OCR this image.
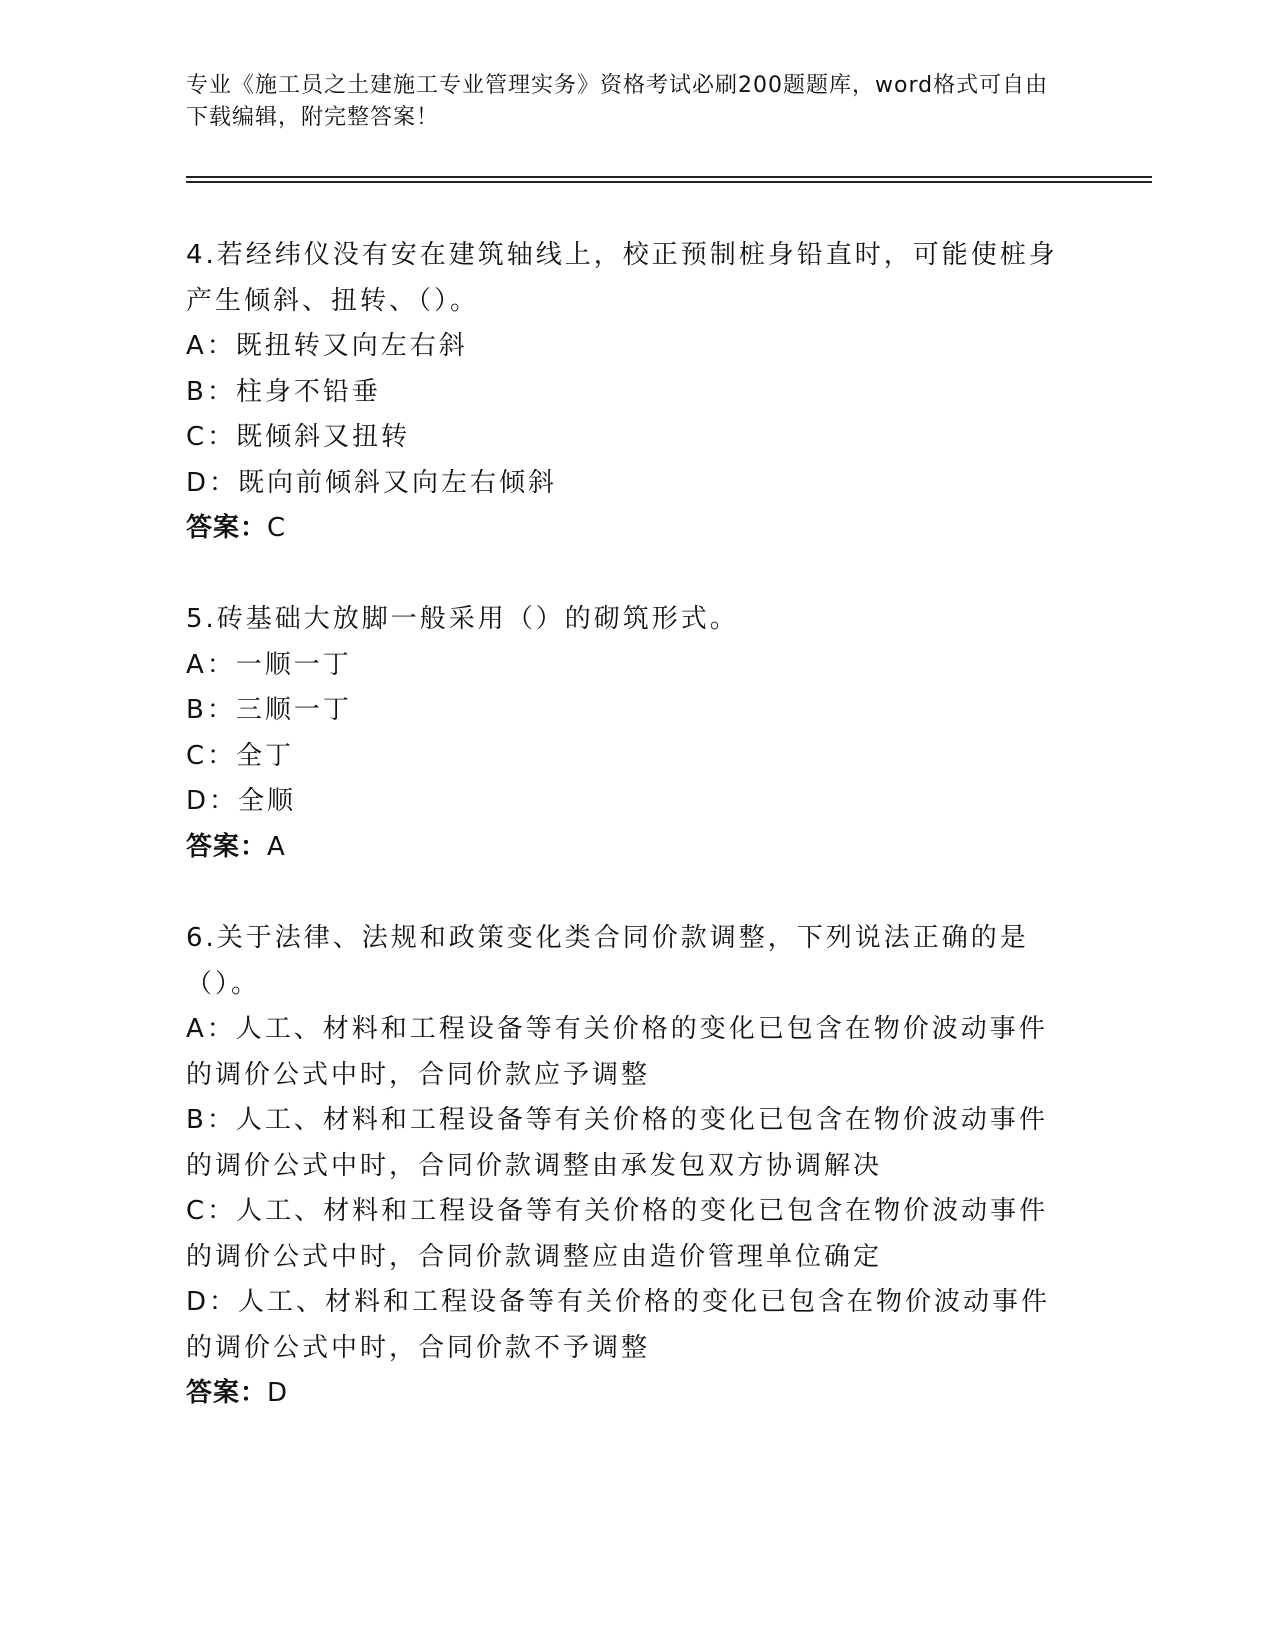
专业《施工员之土建施工专业管理实务》资格考试必刷200题题库，word格式可自由下载编辑，附完整答案！
4.若经纬仪没有安在建筑轴线上，校正预制桩身铅直时，可能使桩身产生倾斜、扭转、（）。
A：既扭转又向左右斜
B：柱身不铅垂
C：既倾斜又扭转
D：既向前倾斜又向左右倾斜
答案：C
5.砖基础大放脚一般采用（）的砌筑形式。
A：一顺一丁
B：三顺一丁
C：全丁
D：全顺
答案：A
6.关于法律、法规和政策变化类合同价款调整，下列说法正确的是（）。
A：人工、材料和工程设备等有关价格的变化已包含在物价波动事件的调价公式中时，合同价款应予调整
B：人工、材料和工程设备等有关价格的变化已包含在物价波动事件的调价公式中时，合同价款调整由承发包双方协调解决
C：人工、材料和工程设备等有关价格的变化已包含在物价波动事件的调价公式中时，合同价款调整应由造价管理单位确定
D：人工、材料和工程设备等有关价格的变化已包含在物价波动事件的调价公式中时，合同价款不予调整
答案：D
